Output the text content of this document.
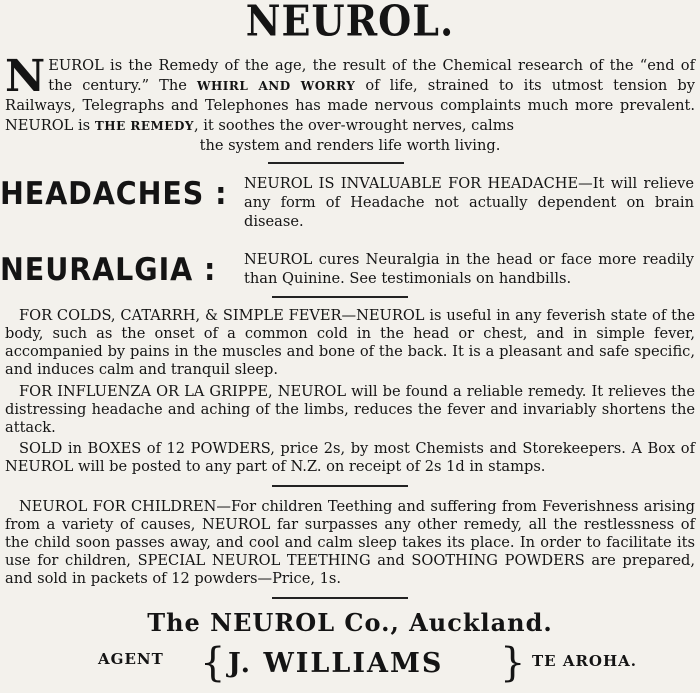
NEUROL.
NEUROL is the Remedy of the age, the result of the Chemical research of the “end of the century.” The WHIRL AND WORRY of life, strained to its utmost tension by Railways, Telegraphs and Telephones has made nervous complaints much more prevalent. NEUROL is THE REMEDY, it soothes the over-wrought nerves, calms
the system and renders life worth living.
HEADACHES : NEUROL IS INVALUABLE FOR HEADACHE—It will relieve any form of Headache not actually dependent on brain disease.
NEURALGIA : NEUROL cures Neuralgia in the head or face more readily than Quinine. See testimonials on handbills.
FOR COLDS, CATARRH, & SIMPLE FEVER—NEUROL is useful in any feverish state of the body, such as the onset of a common cold in the head or chest, and in simple fever, accompanied by pains in the muscles and bone of the back. It is a pleasant and safe specific, and induces calm and tranquil sleep.
FOR INFLUENZA OR LA GRIPPE, NEUROL will be found a reliable remedy. It relieves the distressing headache and aching of the limbs, reduces the fever and invariably shortens the attack.
SOLD in BOXES of 12 POWDERS, price 2s, by most Chemists and Storekeepers. A Box of NEUROL will be posted to any part of N.Z. on receipt of 2s 1d in stamps.
NEUROL FOR CHILDREN—For children Teething and suffering from Feverishness arising from a variety of causes, NEUROL far surpasses any other remedy, all the restlessness of the child soon passes away, and cool and calm sleep takes its place. In order to facilitate its use for children, SPECIAL NEUROL TEETHING and SOOTHING POWDERS are prepared, and sold in packets of 12 powders—Price, 1s.
The NEUROL Co., Auckland.
AGENT { J. WILLIAMS } TE AROHA.
